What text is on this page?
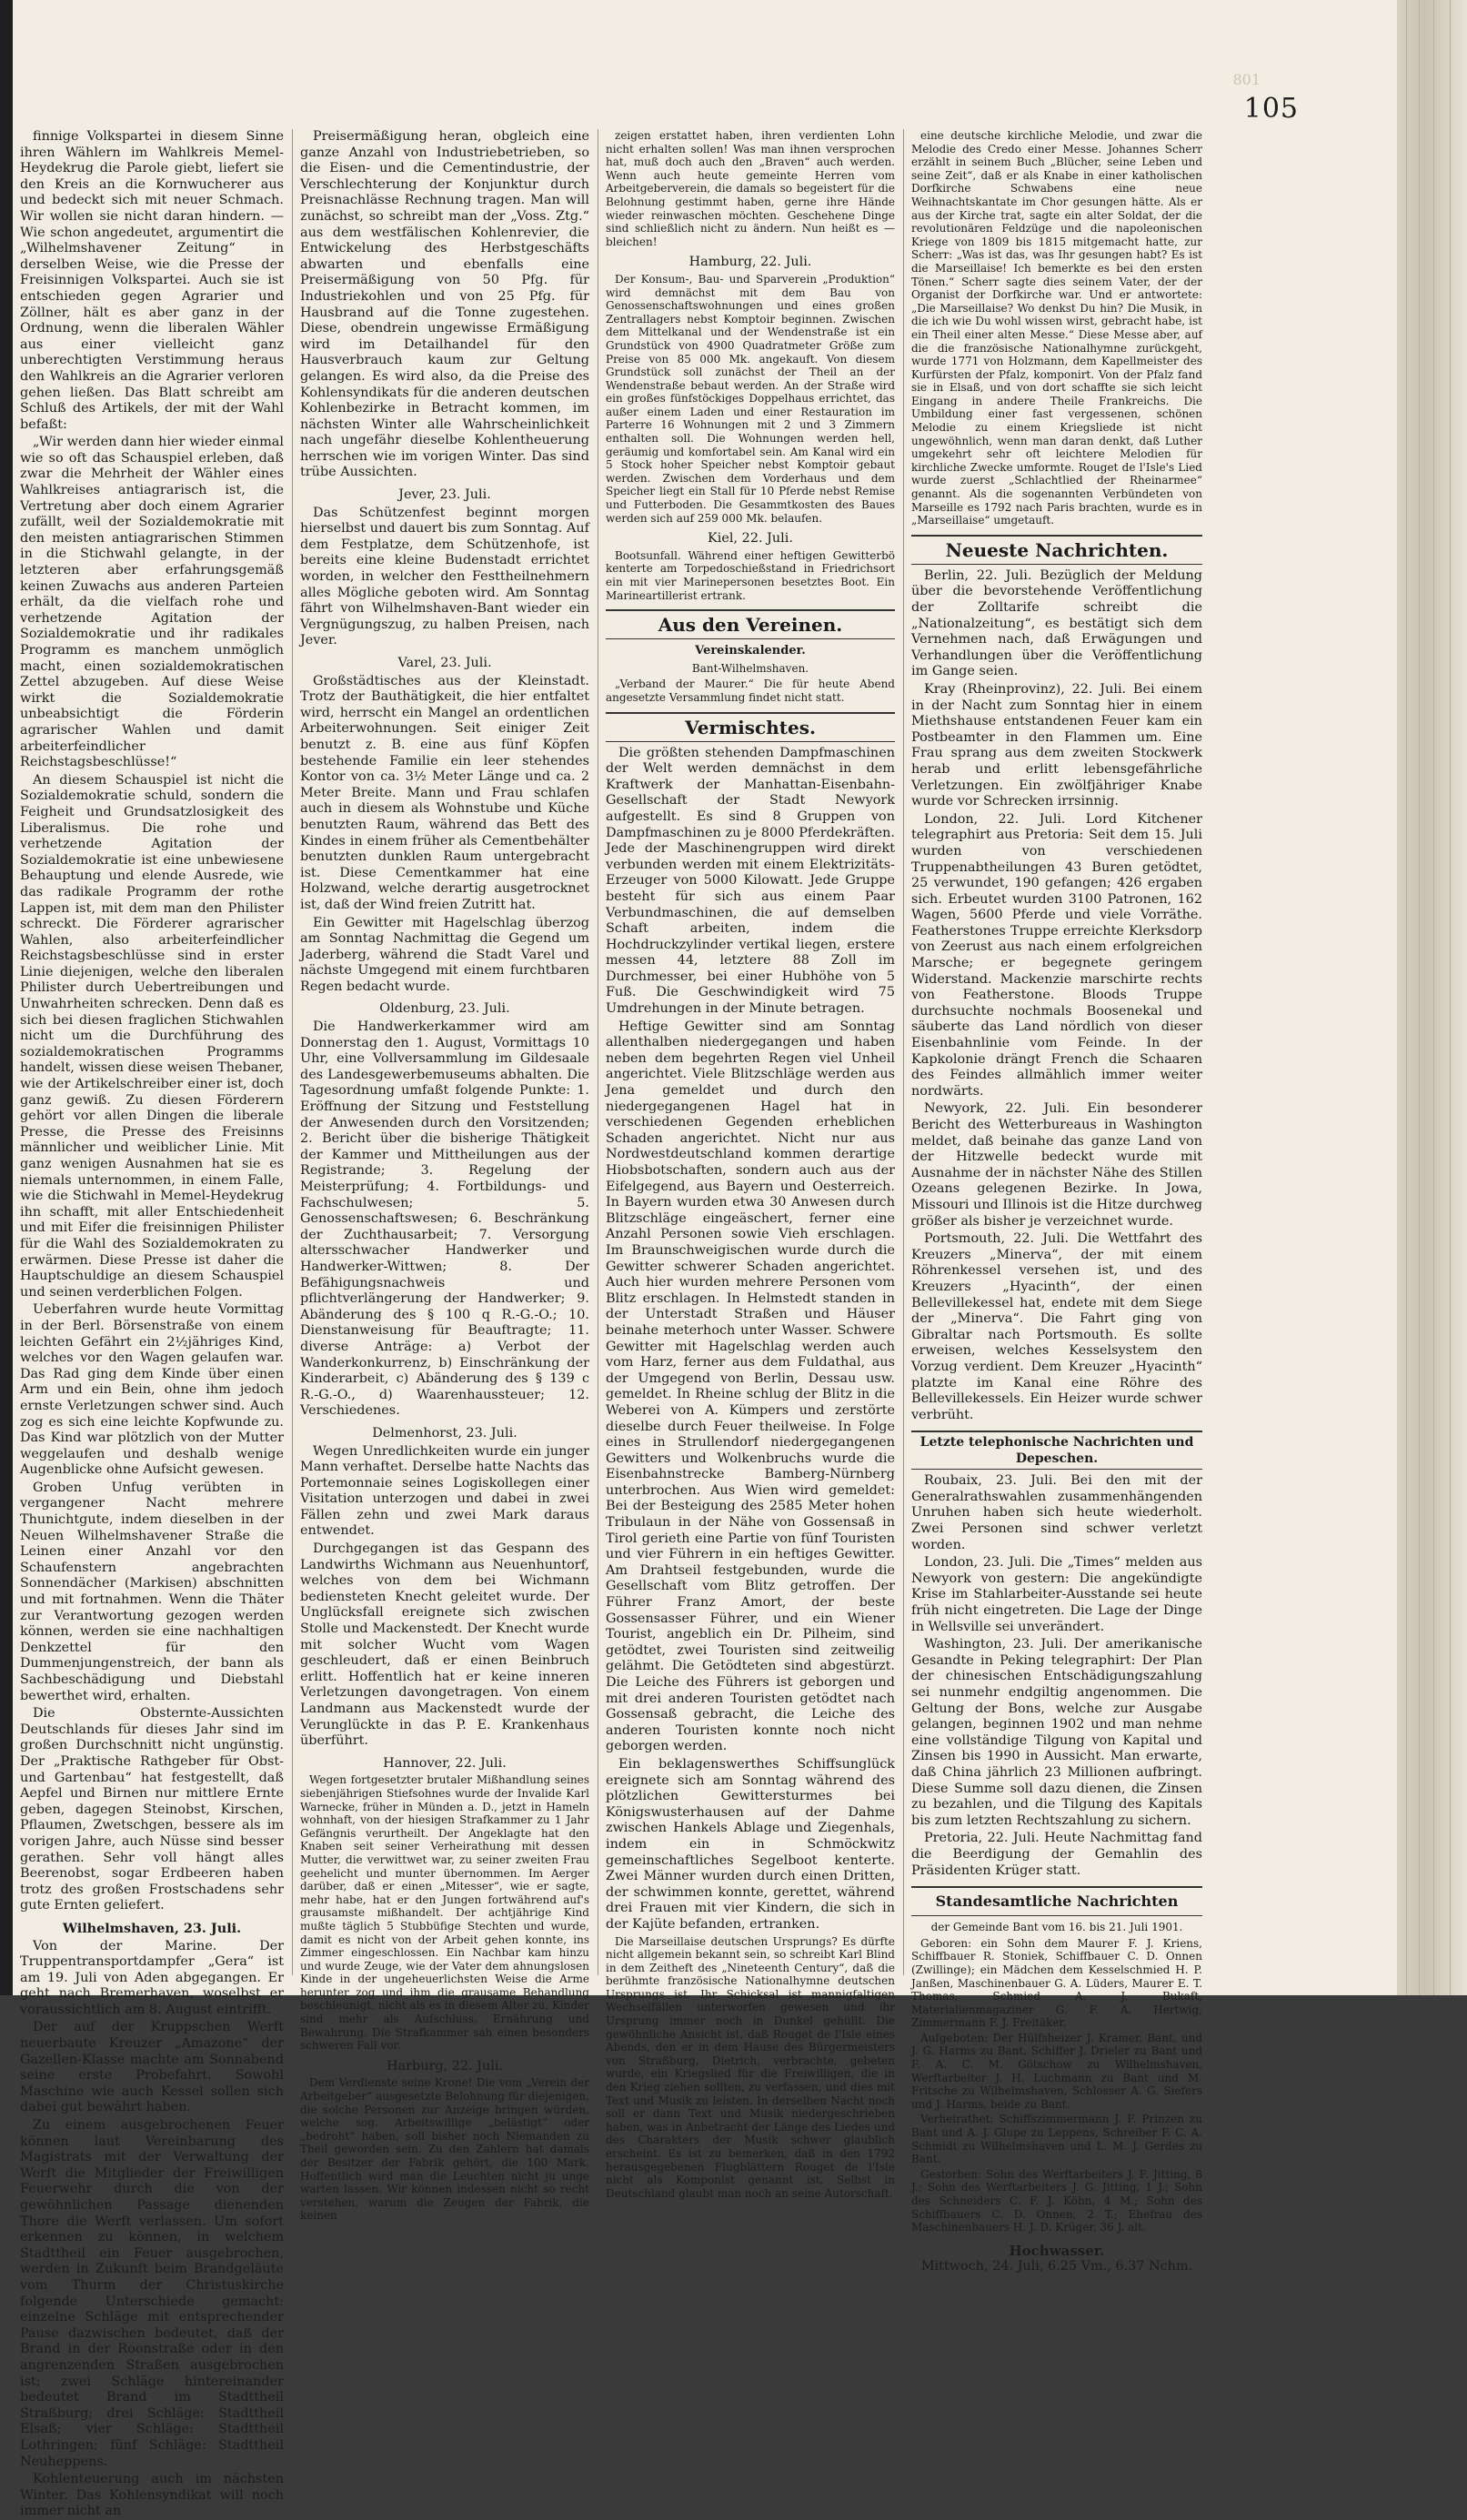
801
105

finnige Volkspartei in diesem Sinne ihren Wählern im Wahlkreis Memel-Heydekrug die Parole giebt, liefert sie den Kreis an die Kornwucherer aus und bedeckt sich mit neuer Schmach. Wir wollen sie nicht daran hindern. — Wie schon angedeutet, argumentirt die „Wilhelmshavener Zeitung“ in derselben Weise, wie die Presse der Freisinnigen Volkspartei. Auch sie ist entschieden gegen Agrarier und Zöllner, hält es aber ganz in der Ordnung, wenn die liberalen Wähler aus einer vielleicht ganz unberechtigten Verstimmung heraus den Wahlkreis an die Agrarier verloren gehen ließen. Das Blatt schreibt am Schluß des Artikels, der mit der Wahl befaßt:

„Wir werden dann hier wieder einmal wie so oft das Schauspiel erleben, daß zwar die Mehrheit der Wähler eines Wahlkreises antiagrarisch ist, die Vertretung aber doch einem Agrarier zufällt, weil der Sozialdemokratie mit den meisten antiagrarischen Stimmen in die Stichwahl gelangte, in der letzteren aber erfahrungsgemäß keinen Zuwachs aus anderen Parteien erhält, da die vielfach rohe und verhetzende Agitation der Sozialdemokratie und ihr radikales Programm es manchem unmöglich macht, einen sozialdemokratischen Zettel abzugeben. Auf diese Weise wirkt die Sozialdemokratie unbeabsichtigt die Förderin agrarischer Wahlen und damit arbeiterfeindlicher Reichstagsbeschlüsse!“

An diesem Schauspiel ist nicht die Sozialdemokratie schuld, sondern die Feigheit und Grundsatzlosigkeit des Liberalismus. Die rohe und verhetzende Agitation der Sozialdemokratie ist eine unbewiesene Behauptung und elende Ausrede, wie das radikale Programm der rothe Lappen ist, mit dem man den Philister schreckt. Die Förderer agrarischer Wahlen, also arbeiterfeindlicher Reichstagsbeschlüsse sind in erster Linie diejenigen, welche den liberalen Philister durch Uebertreibungen und Unwahrheiten schrecken. Denn daß es sich bei diesen fraglichen Stichwahlen nicht um die Durchführung des sozialdemokratischen Programms handelt, wissen diese weisen Thebaner, wie der Artikelschreiber einer ist, doch ganz gewiß. Zu diesen Förderern gehört vor allen Dingen die liberale Presse, die Presse des Freisinns männlicher und weiblicher Linie. Mit ganz wenigen Ausnahmen hat sie es niemals unternommen, in einem Falle, wie die Stichwahl in Memel-Heydekrug ihn schafft, mit aller Entschiedenheit und mit Eifer die freisinnigen Philister für die Wahl des Sozialdemokraten zu erwärmen. Diese Presse ist daher die Hauptschuldige an diesem Schauspiel und seinen verderblichen Folgen.

Ueberfahren wurde heute Vormittag in der Berl. Börsenstraße von einem leichten Gefährt ein 2½jähriges Kind, welches vor den Wagen gelaufen war. Das Rad ging dem Kinde über einen Arm und ein Bein, ohne ihm jedoch ernste Verletzungen schwer sind. Auch zog es sich eine leichte Kopfwunde zu. Das Kind war plötzlich von der Mutter weggelaufen und deshalb wenige Augenblicke ohne Aufsicht gewesen.

Groben Unfug verübten in vergangener Nacht mehrere Thunichtgute, indem dieselben in der Neuen Wilhelmshavener Straße die Leinen einer Anzahl vor den Schaufenstern angebrachten Sonnendächer (Markisen) abschnitten und mit fortnahmen. Wenn die Thäter zur Verantwortung gezogen werden können, werden sie eine nachhaltigen Denkzettel für den Dummenjungenstreich, der bann als Sachbeschädigung und Diebstahl bewerthet wird, erhalten.

Die Obsternte-Aussichten Deutschlands für dieses Jahr sind im großen Durchschnitt nicht ungünstig. Der „Praktische Rathgeber für Obst- und Gartenbau“ hat festgestellt, daß Aepfel und Birnen nur mittlere Ernte geben, dagegen Steinobst, Kirschen, Pflaumen, Zwetschgen, bessere als im vorigen Jahre, auch Nüsse sind besser gerathen. Sehr voll hängt alles Beerenobst, sogar Erdbeeren haben trotz des großen Frostschadens sehr gute Ernten geliefert.

Wilhelmshaven, 23. Juli.

Von der Marine. Der Truppentransportdampfer „Gera“ ist am 19. Juli von Aden abgegangen. Er geht nach Bremerhaven, woselbst er voraussichtlich am 8. August eintrifft.

Der auf der Kruppschen Werft neuerbaute Kreuzer „Amazone“ der Gazellen-Klasse machte am Sonnabend seine erste Probefahrt. Sowohl Maschine wie auch Kessel sollen sich dabei gut bewährt haben.

Zu einem ausgebrochenen Feuer können laut Vereinbarung des Magistrats mit der Verwaltung der Werft die Mitglieder der Freiwilligen Feuerwehr durch die von der gewöhnlichen Passage dienenden Thore die Werft verlassen. Um sofort erkennen zu können, in welchem Stadttheil ein Feuer ausgebrochen, werden in Zukunft beim Brandgeläute vom Thurm der Christuskirche folgende Unterschiede gemacht: einzelne Schläge mit entsprechender Pause dazwischen bedeutet, daß der Brand in der Roonstraße oder in den angrenzenden Straßen ausgebrochen ist; zwei Schläge hintereinander bedeutet Brand im Stadttheil Straßburg; drei Schläge: Stadttheil Elsaß; vier Schläge: Stadttheil Lothringen; fünf Schläge: Stadttheil Neuheppens.

Kohlenteuerung auch im nächsten Winter. Das Kohlensyndikat will noch immer nicht an

Preisermäßigung heran, obgleich eine ganze Anzahl von Industriebetrieben, so die Eisen- und die Cementindustrie, der Verschlechterung der Konjunktur durch Preisnachlässe Rechnung tragen. Man will zunächst, so schreibt man der „Voss. Ztg.“ aus dem westfälischen Kohlenrevier, die Entwickelung des Herbstgeschäfts abwarten und ebenfalls eine Preisermäßigung von 50 Pfg. für Industriekohlen und von 25 Pfg. für Hausbrand auf die Tonne zugestehen. Diese, obendrein ungewisse Ermäßigung wird im Detailhandel für den Hausverbrauch kaum zur Geltung gelangen. Es wird also, da die Preise des Kohlensyndikats für die anderen deutschen Kohlenbezirke in Betracht kommen, im nächsten Winter alle Wahrscheinlichkeit nach ungefähr dieselbe Kohlentheuerung herrschen wie im vorigen Winter. Das sind trübe Aussichten.

Jever, 23. Juli.

Das Schützenfest beginnt morgen hierselbst und dauert bis zum Sonntag. Auf dem Festplatze, dem Schützenhofe, ist bereits eine kleine Budenstadt errichtet worden, in welcher den Festtheilnehmern alles Mögliche geboten wird. Am Sonntag fährt von Wilhelmshaven-Bant wieder ein Vergnügungszug, zu halben Preisen, nach Jever.

Varel, 23. Juli.

Großstädtisches aus der Kleinstadt. Trotz der Bauthätigkeit, die hier entfaltet wird, herrscht ein Mangel an ordentlichen Arbeiterwohnungen. Seit einiger Zeit benutzt z. B. eine aus fünf Köpfen bestehende Familie ein leer stehendes Kontor von ca. 3½ Meter Länge und ca. 2 Meter Breite. Mann und Frau schlafen auch in diesem als Wohnstube und Küche benutzten Raum, während das Bett des Kindes in einem früher als Cementbehälter benutzten dunklen Raum untergebracht ist. Diese Cementkammer hat eine Holzwand, welche derartig ausgetrocknet ist, daß der Wind freien Zutritt hat.

Ein Gewitter mit Hagelschlag überzog am Sonntag Nachmittag die Gegend um Jaderberg, während die Stadt Varel und nächste Umgegend mit einem furchtbaren Regen bedacht wurde.

Oldenburg, 23. Juli.

Die Handwerkerkammer wird am Donnerstag den 1. August, Vormittags 10 Uhr, eine Vollversammlung im Gildesaale des Landesgewerbemuseums abhalten. Die Tagesordnung umfaßt folgende Punkte: 1. Eröffnung der Sitzung und Feststellung der Anwesenden durch den Vorsitzenden; 2. Bericht über die bisherige Thätigkeit der Kammer und Mittheilungen aus der Registrande; 3. Regelung der Meisterprüfung; 4. Fortbildungs- und Fachschulwesen; 5. Genossenschaftswesen; 6. Beschränkung der Zuchthausarbeit; 7. Versorgung altersschwacher Handwerker und Handwerker-Wittwen; 8. Der Befähigungsnachweis und pflichtverlängerung der Handwerker; 9. Abänderung des § 100 q R.-G.-O.; 10. Dienstanweisung für Beauftragte; 11. diverse Anträge: a) Verbot der Wanderkonkurrenz, b) Einschränkung der Kinderarbeit, c) Abänderung des § 139 c R.-G.-O., d) Waarenhaussteuer; 12. Verschiedenes.

Delmenhorst, 23. Juli.

Wegen Unredlichkeiten wurde ein junger Mann verhaftet. Derselbe hatte Nachts das Portemonnaie seines Logiskollegen einer Visitation unterzogen und dabei in zwei Fällen zehn und zwei Mark daraus entwendet.

Durchgegangen ist das Gespann des Landwirths Wichmann aus Neuenhuntorf, welches von dem bei Wichmann bediensteten Knecht geleitet wurde. Der Unglücksfall ereignete sich zwischen Stolle und Mackenstedt. Der Knecht wurde mit solcher Wucht vom Wagen geschleudert, daß er einen Beinbruch erlitt. Hoffentlich hat er keine inneren Verletzungen davongetragen. Von einem Landmann aus Mackenstedt wurde der Verunglückte in das P. E. Krankenhaus überführt.

Hannover, 22. Juli.

Wegen fortgesetzter brutaler Mißhandlung seines siebenjährigen Stiefsohnes wurde der Invalide Karl Warnecke, früher in Münden a. D., jetzt in Hameln wohnhaft, von der hiesigen Strafkammer zu 1 Jahr Gefängnis verurtheilt. Der Angeklagte hat den Knaben seit seiner Verheirathung mit dessen Mutter, die verwittwet war, zu seiner zweiten Frau geehelicht und munter übernommen. Im Aerger darüber, daß er einen „Mitesser“, wie er sagte, mehr habe, hat er den Jungen fortwährend auf's grausamste mißhandelt. Der achtjährige Kind mußte täglich 5 Stubbüfige Stechten und wurde, damit es nicht von der Arbeit gehen konnte, ins Zimmer eingeschlossen. Ein Nachbar kam hinzu und wurde Zeuge, wie der Vater dem ahnungslosen Kinde in der ungeheuerlichsten Weise die Arme herunter zog und ihm die grausame Behandlung beschleunigt, nicht als es in diesem Alter zu. Kinder sind mehr als Aufschluss, Ernährung und Bewahrung. Die Strafkammer sah einen besonders schweren Fall vor.

Harburg, 22. Juli.

Dem Verdienste seine Krone! Die vom „Verein der Arbeitgeber“ ausgesetzte Belohnung für diejenigen, die solche Personen zur Anzeige bringen würden, welche sog. Arbeitswillige „belästigt“ oder „bedroht“ haben, soll bisher noch Niemanden zu Theil geworden sein. Zu den Zahlern hat damals der Besitzer der Fabrik gehört, die 100 Mark. Hoffentlich wird man die Leuchten nicht ju unge warten lassen. Wir können indessen nicht so recht verstehen, warum die Zeugen der Fabrik, die keinen

zeigen erstattet haben, ihren verdienten Lohn nicht erhalten sollen! Was man ihnen versprochen hat, muß doch auch den „Braven“ auch werden. Wenn auch heute gemeinte Herren vom Arbeitgeberverein, die damals so begeistert für die Belohnung gestimmt haben, gerne ihre Hände wieder reinwaschen möchten. Geschehene Dinge sind schließlich nicht zu ändern. Nun heißt es — bleichen!

Hamburg, 22. Juli.

Der Konsum-, Bau- und Sparverein „Produktion“ wird demnächst mit dem Bau von Genossenschaftswohnungen und eines großen Zentrallagers nebst Komptoir beginnen. Zwischen dem Mittelkanal und der Wendenstraße ist ein Grundstück von 4900 Quadratmeter Größe zum Preise von 85 000 Mk. angekauft. Von diesem Grundstück soll zunächst der Theil an der Wendenstraße bebaut werden. An der Straße wird ein großes fünfstöckiges Doppelhaus errichtet, das außer einem Laden und einer Restauration im Parterre 16 Wohnungen mit 2 und 3 Zimmern enthalten soll. Die Wohnungen werden hell, geräumig und komfortabel sein. Am Kanal wird ein 5 Stock hoher Speicher nebst Komptoir gebaut werden. Zwischen dem Vorderhaus und dem Speicher liegt ein Stall für 10 Pferde nebst Remise und Futterboden. Die Gesammtkosten des Baues werden sich auf 259 000 Mk. belaufen.

Kiel, 22. Juli.

Bootsunfall. Während einer heftigen Gewitterbö kenterte am Torpedoschießstand in Friedrichsort ein mit vier Marinepersonen besetztes Boot. Ein Marineartillerist ertrank.

Aus den Vereinen.
Vereinskalender.
Bant-Wilhelmshaven.

„Verband der Maurer.“ Die für heute Abend angesetzte Versammlung findet nicht statt.

Vermischtes.

Die größten stehenden Dampfmaschinen der Welt werden demnächst in dem Kraftwerk der Manhattan-Eisenbahn-Gesellschaft der Stadt Newyork aufgestellt. Es sind 8 Gruppen von Dampfmaschinen zu je 8000 Pferdekräften. Jede der Maschinengruppen wird direkt verbunden werden mit einem Elektrizitäts-Erzeuger von 5000 Kilowatt. Jede Gruppe besteht für sich aus einem Paar Verbundmaschinen, die auf demselben Schaft arbeiten, indem die Hochdruckzylinder vertikal liegen, erstere messen 44, letztere 88 Zoll im Durchmesser, bei einer Hubhöhe von 5 Fuß. Die Geschwindigkeit wird 75 Umdrehungen in der Minute betragen.

Heftige Gewitter sind am Sonntag allenthalben niedergegangen und haben neben dem begehrten Regen viel Unheil angerichtet. Viele Blitzschläge werden aus Jena gemeldet und durch den niedergegangenen Hagel hat in verschiedenen Gegenden erheblichen Schaden angerichtet. Nicht nur aus Nordwestdeutschland kommen derartige Hiobsbotschaften, sondern auch aus der Eifelgegend, aus Bayern und Oesterreich. In Bayern wurden etwa 30 Anwesen durch Blitzschläge eingeäschert, ferner eine Anzahl Personen sowie Vieh erschlagen. Im Braunschweigischen wurde durch die Gewitter schwerer Schaden angerichtet. Auch hier wurden mehrere Personen vom Blitz erschlagen. In Helmstedt standen in der Unterstadt Straßen und Häuser beinahe meterhoch unter Wasser. Schwere Gewitter mit Hagelschlag werden auch vom Harz, ferner aus dem Fuldathal, aus der Umgegend von Berlin, Dessau usw. gemeldet. In Rheine schlug der Blitz in die Weberei von A. Kümpers und zerstörte dieselbe durch Feuer theilweise. In Folge eines in Strullendorf niedergegangenen Gewitters und Wolkenbruchs wurde die Eisenbahnstrecke Bamberg-Nürnberg unterbrochen. Aus Wien wird gemeldet: Bei der Besteigung des 2585 Meter hohen Tribulaun in der Nähe von Gossensaß in Tirol gerieth eine Partie von fünf Touristen und vier Führern in ein heftiges Gewitter. Am Drahtseil festgebunden, wurde die Gesellschaft vom Blitz getroffen. Der Führer Franz Amort, der beste Gossensasser Führer, und ein Wiener Tourist, angeblich ein Dr. Pilheim, sind getödtet, zwei Touristen sind zeitweilig gelähmt. Die Getödteten sind abgestürzt. Die Leiche des Führers ist geborgen und mit drei anderen Touristen getödtet nach Gossensaß gebracht, die Leiche des anderen Touristen konnte noch nicht geborgen werden.

Ein beklagenswerthes Schiffsunglück ereignete sich am Sonntag während des plötzlichen Gewittersturmes bei Königswusterhausen auf der Dahme zwischen Hankels Ablage und Ziegenhals, indem ein in Schmöckwitz gemeinschaftliches Segelboot kenterte. Zwei Männer wurden durch einen Dritten, der schwimmen konnte, gerettet, während drei Frauen mit vier Kindern, die sich in der Kajüte befanden, ertranken.

Die Marseillaise deutschen Ursprungs? Es dürfte nicht allgemein bekannt sein, so schreibt Karl Blind in dem Zeitheft des „Nineteenth Century“, daß die berühmte französische Nationalhymne deutschen Ursprungs ist. Ihr Schicksal ist mannigfaltigen Wechselfällen unterworfen gewesen und ihr Ursprung immer noch in Dunkel gehüllt. Die gewöhnliche Ansicht ist, daß Rouget de l'Isle eines Abends, den er in dem Hause des Bürgermeisters von Straßburg, Dietrich, verbrachte, gebeten wurde, ein Kriegslied für die Freiwilligen, die in den Krieg ziehen sollten, zu verfassen, und dies mit Text und Musik zu leisten. In derselben Nacht noch soll er dann Text und Musik niedergeschrieben haben, was in Anbetracht der Länge des Liedes und des Charakters der Musik schwer glaublich erscheint. Es ist zu bemerken, daß in den 1792 herausgegebenen Flugblättern Rouget de l'Isle nicht als Komponist genannt ist. Selbst in Deutschland glaubt man noch an seine Autorschaft.

eine deutsche kirchliche Melodie, und zwar die Melodie des Credo einer Messe. Johannes Scherr erzählt in seinem Buch „Blücher, seine Leben und seine Zeit“, daß er als Knabe in einer katholischen Dorfkirche Schwabens eine neue Weihnachtskantate im Chor gesungen hätte. Als er aus der Kirche trat, sagte ein alter Soldat, der die revolutionären Feldzüge und die napoleonischen Kriege von 1809 bis 1815 mitgemacht hatte, zur Scherr: „Was ist das, was Ihr gesungen habt? Es ist die Marseillaise! Ich bemerkte es bei den ersten Tönen.“ Scherr sagte dies seinem Vater, der der Organist der Dorfkirche war. Und er antwortete: „Die Marseillaise? Wo denkst Du hin? Die Musik, in die ich wie Du wohl wissen wirst, gebracht habe, ist ein Theil einer alten Messe.“ Diese Messe aber, auf die die französische Nationalhymne zurückgeht, wurde 1771 von Holzmann, dem Kapellmeister des Kurfürsten der Pfalz, komponirt. Von der Pfalz fand sie in Elsaß, und von dort schaffte sie sich leicht Eingang in andere Theile Frankreichs. Die Umbildung einer fast vergessenen, schönen Melodie zu einem Kriegsliede ist nicht ungewöhnlich, wenn man daran denkt, daß Luther umgekehrt sehr oft leichtere Melodien für kirchliche Zwecke umformte. Rouget de l'Isle's Lied wurde zuerst „Schlachtlied der Rheinarmee“ genannt. Als die sogenannten Verbündeten von Marseille es 1792 nach Paris brachten, wurde es in „Marseillaise“ umgetauft.

Neueste Nachrichten.

Berlin, 22. Juli. Bezüglich der Meldung über die bevorstehende Veröffentlichung der Zolltarife schreibt die „Nationalzeitung“, es bestätigt sich dem Vernehmen nach, daß Erwägungen und Verhandlungen über die Veröffentlichung im Gange seien.

Kray (Rheinprovinz), 22. Juli. Bei einem in der Nacht zum Sonntag hier in einem Miethshause entstandenen Feuer kam ein Postbeamter in den Flammen um. Eine Frau sprang aus dem zweiten Stockwerk herab und erlitt lebensgefährliche Verletzungen. Ein zwölfjähriger Knabe wurde vor Schrecken irrsinnig.

London, 22. Juli. Lord Kitchener telegraphirt aus Pretoria: Seit dem 15. Juli wurden von verschiedenen Truppenabtheilungen 43 Buren getödtet, 25 verwundet, 190 gefangen; 426 ergaben sich. Erbeutet wurden 3100 Patronen, 162 Wagen, 5600 Pferde und viele Vorräthe. Featherstones Truppe erreichte Klerksdorp von Zeerust aus nach einem erfolgreichen Marsche; er begegnete geringem Widerstand. Mackenzie marschirte rechts von Featherstone. Bloods Truppe durchsuchte nochmals Boosenekal und säuberte das Land nördlich von dieser Eisenbahnlinie vom Feinde. In der Kapkolonie drängt French die Schaaren des Feindes allmählich immer weiter nordwärts.

Newyork, 22. Juli. Ein besonderer Bericht des Wetterbureaus in Washington meldet, daß beinahe das ganze Land von der Hitzwelle bedeckt wurde mit Ausnahme der in nächster Nähe des Stillen Ozeans gelegenen Bezirke. In Jowa, Missouri und Illinois ist die Hitze durchweg größer als bisher je verzeichnet wurde.

Portsmouth, 22. Juli. Die Wettfahrt des Kreuzers „Minerva“, der mit einem Röhrenkessel versehen ist, und des Kreuzers „Hyacinth“, der einen Bellevillekessel hat, endete mit dem Siege der „Minerva“. Die Fahrt ging von Gibraltar nach Portsmouth. Es sollte erweisen, welches Kesselsystem den Vorzug verdient. Dem Kreuzer „Hyacinth“ platzte im Kanal eine Röhre des Bellevillekessels. Ein Heizer wurde schwer verbrüht.

Letzte telephonische Nachrichten und Depeschen.

Roubaix, 23. Juli. Bei den mit der Generalrathswahlen zusammenhängenden Unruhen haben sich heute wiederholt. Zwei Personen sind schwer verletzt worden.

London, 23. Juli. Die „Times“ melden aus Newyork von gestern: Die angekündigte Krise im Stahlarbeiter-Ausstande sei heute früh nicht eingetreten. Die Lage der Dinge in Wellsville sei unverändert.

Washington, 23. Juli. Der amerikanische Gesandte in Peking telegraphirt: Der Plan der chinesischen Entschädigungszahlung sei nunmehr endgiltig angenommen. Die Geltung der Bons, welche zur Ausgabe gelangen, beginnen 1902 und man nehme eine vollständige Tilgung von Kapital und Zinsen bis 1990 in Aussicht. Man erwarte, daß China jährlich 23 Millionen aufbringt. Diese Summe soll dazu dienen, die Zinsen zu bezahlen, und die Tilgung des Kapitals bis zum letzten Rechtszahlung zu sichern.

Pretoria, 22. Juli. Heute Nachmittag fand die Beerdigung der Gemahlin des Präsidenten Krüger statt.

Standesamtliche Nachrichten
der Gemeinde Bant vom 16. bis 21. Juli 1901.

Geboren: ein Sohn dem Maurer F. J. Kriens, Schiffbauer R. Stoniek, Schiffbauer C. D. Onnen (Zwillinge); ein Mädchen dem Kesselschmied H. P. Janßen, Maschinenbauer G. A. Lüders, Maurer E. T. Thomas, Schmied A. J. Bukaft, Materialienmagaziner G. F. A. Hertwig, Zimmermann F. J. Freitäker.

Aufgeboten: Der Hülfsheizer J. Kramer, Bant, und J. G. Harms zu Bant, Schiffer J. Drieler zu Bant und F. A. C. M. Götschow zu Wilhelmshaven, Werftarbeiter J. H. Luchmann zu Bant und M. Fritsche zu Wilhelmshaven, Schlosser A. G. Siefers und J. Harms, beide zu Bant.

Verheirathet: Schiffszimmermann J. F. Prinzen zu Bant und A. J. Glupe zu Leppens, Schreiber F. C. A. Schmidt zu Wilhelmshaven und L. M. J. Gerdes zu Bant.

Gestorben: Sohn des Werftarbeiters J. F. Jitting, 8 J.; Sohn des Werftarbeiters J. G. Jitting, 1 J.; Sohn des Schneiders C. F. J. Köhn, 4 M.; Sohn des Schiffbauers C. D. Onnen, 2 T.; Ehefrau des Maschinenbauers H. J. D. Krüger, 36 J. alt.

Hochwasser.

Mittwoch, 24. Juli, 6.25 Vm., 6.37 Nchm.
